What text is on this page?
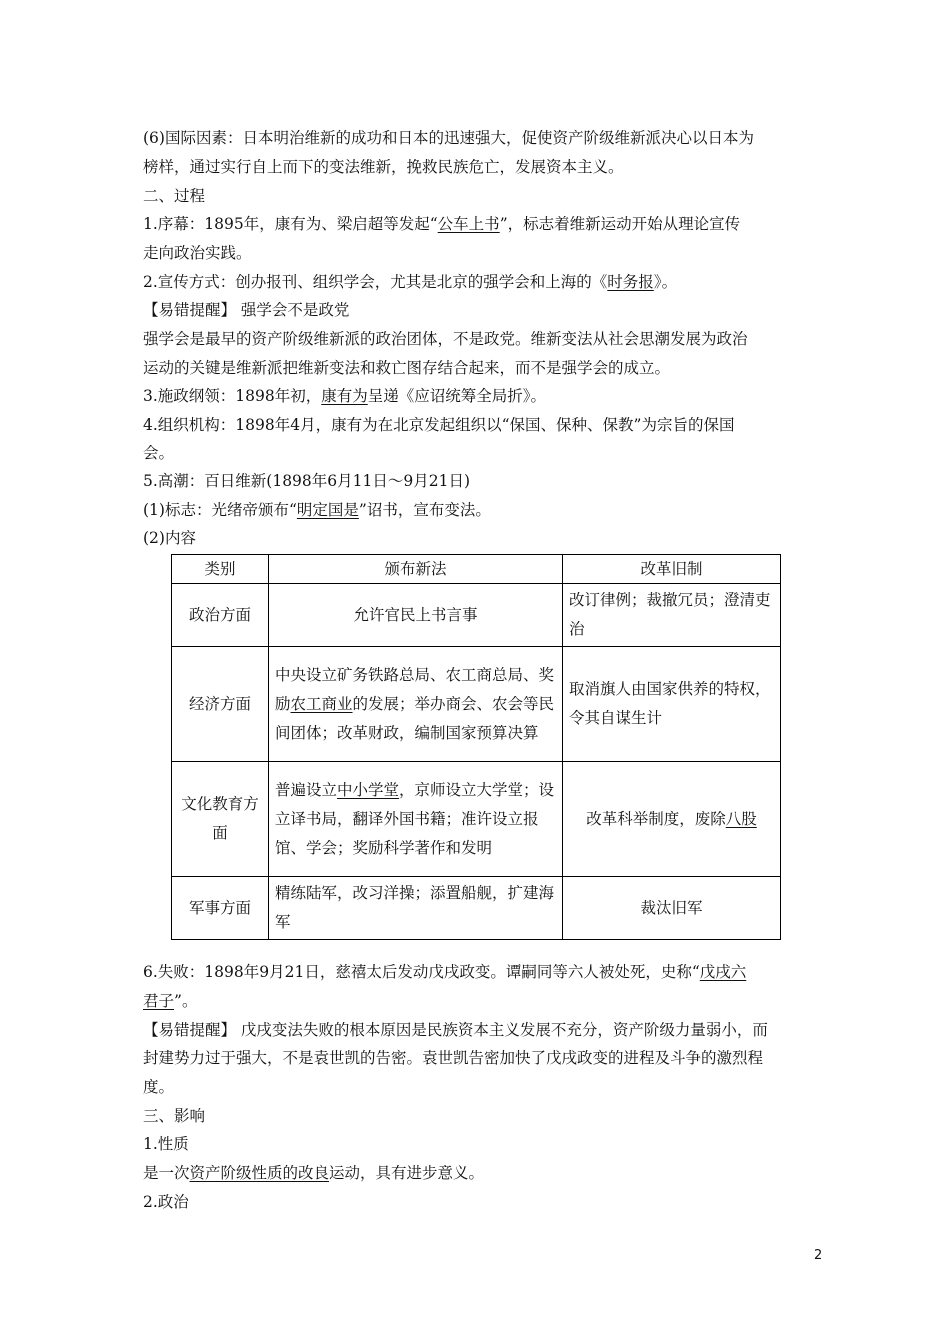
(6)国际因素：日本明治维新的成功和日本的迅速强大，促使资产阶级维新派决心以日本为
榜样，通过实行自上而下的变法维新，挽救民族危亡，发展资本主义。
二、过程
1.序幕：1895年，康有为、梁启超等发起“公车上书”，标志着维新运动开始从理论宣传
走向政治实践。
2.宣传方式：创办报刊、组织学会，尤其是北京的强学会和上海的《时务报》。
【易错提醒】 强学会不是政党
强学会是最早的资产阶级维新派的政治团体，不是政党。维新变法从社会思潮发展为政治
运动的关键是维新派把维新变法和救亡图存结合起来，而不是强学会的成立。
3.施政纲领：1898年初，康有为呈递《应诏统筹全局折》。
4.组织机构：1898年4月，康有为在北京发起组织以“保国、保种、保教”为宗旨的保国
会。
5.高潮：百日维新(1898年6月11日～9月21日)
(1)标志：光绪帝颁布“明定国是”诏书，宣布变法。
(2)内容
类别	颁布新法	改革旧制
政治方面	允许官民上书言事	改订律例；裁撤冗员；澄清吏治
经济方面	中央设立矿务铁路总局、农工商总局、奖励农工商业的发展；举办商会、农会等民间团体；改革财政，编制国家预算决算	取消旗人由国家供养的特权，令其自谋生计
文化教育方面	普遍设立中小学堂，京师设立大学堂；设立译书局，翻译外国书籍；准许设立报馆、学会；奖励科学著作和发明	改革科举制度，废除八股
军事方面	精练陆军，改习洋操；添置船舰，扩建海军	裁汰旧军
6.失败：1898年9月21日，慈禧太后发动戊戌政变。谭嗣同等六人被处死，史称“戊戌六
君子”。
【易错提醒】 戊戌变法失败的根本原因是民族资本主义发展不充分，资产阶级力量弱小，而
封建势力过于强大，不是袁世凯的告密。袁世凯告密加快了戊戌政变的进程及斗争的激烈程
度。
三、影响
1.性质
是一次资产阶级性质的改良运动，具有进步意义。
2.政治
2
